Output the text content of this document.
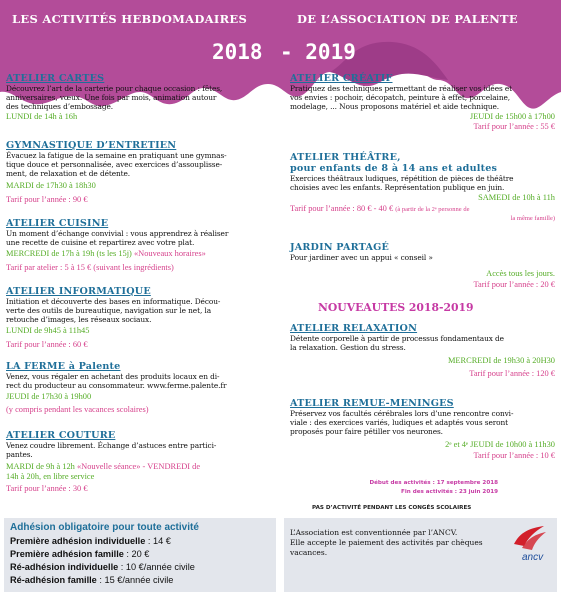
LES ACTIVITÉS HEBDOMADAIRES	DE L’ASSOCIATION DE PALENTE
2018 - 2019
ATELIER CARTES
Découvrez l’art de la carterie pour chaque occasion : fêtes,
anniversaires, vœux. Une fois par mois, animation autour
des techniques d’embossage.
LUNDI de 14h à 16h
GYMNASTIQUE D’ENTRETIEN
Évacuez la fatigue de la semaine en pratiquant une gymnas-
tique douce et personnalisée, avec exercices d’assouplisse-
ment, de relaxation et de détente.
MARDI de 17h30 à 18h30
Tarif pour l’année : 90 €
ATELIER CUISINE
Un moment d’échange convivial : vous apprendrez à réaliser
une recette de cuisine et repartirez avec votre plat.
MERCREDI de 17h à 19h (ts les 15j) «Nouveaux horaires»
Tarif par atelier : 5 à 15 € (suivant les ingrédients)
ATELIER INFORMATIQUE
Initiation et découverte des bases en informatique. Décou-
verte des outils de bureautique, navigation sur le net, la
retouche d’images, les réseaux sociaux.
LUNDI de 9h45 à 11h45
Tarif pour l’année : 60 €
LA FERME à Palente
Venez, vous régaler en achetant des produits locaux en di-
rect du producteur au consommateur. www.ferme.palente.fr
JEUDI de 17h30 à 19h00
(y compris pendant les vacances scolaires)
ATELIER COUTURE
Venez coudre librement. Échange d’astuces entre partici-
pantes.
MARDI de 9h à 12h «Nouvelle séance» - VENDREDI de
14h à 20h, en libre service
Tarif pour l’année : 30 €
ATELIER CRÉATIF
Pratiquez des techniques permettant de réaliser vos idées et
vos envies : pochoir, décopatch, peinture à effet, porcelaine,
modelage, ... Nous proposons matériel et aide technique.
JEUDI de 15h00 à 17h00
Tarif pour l’année : 55 €
ATELIER THÉÂTRE,
pour enfants de 8 à 14 ans et adultes
Exercices théâtraux ludiques, répétition de pièces de théâtre
choisies avec les enfants. Représentation publique en juin.
SAMEDI de 10h à 11h
Tarif pour l’année : 80 € - 40 € (à partir de la 2ᵉ personne de
la même famille)
JARDIN PARTAGÉ
Pour jardiner avec un appui « conseil »
Accès tous les jours.
Tarif pour l’année : 20 €
ATELIER RELAXATION
Détente corporelle à partir de processus fondamentaux de
la relaxation. Gestion du stress.
MERCREDI de 19h30 à 20H30
Tarif pour l’année : 120 €
ATELIER REMUE-MENINGES
Préservez vos facultés cérébrales lors d’une rencontre convi-
viale : des exercices variés, ludiques et adaptés vous seront
proposés pour faire pétiller vos neurones.
2ᵉ et 4ᵉ JEUDI de 10h00 à 11h30
Tarif pour l’année : 10 €
NOUVEAUTES 2018-2019
Début des activités : 17 septembre 2018
Fin des activités : 23 juin 2019
PAS D’ACTIVITÉ PENDANT LES CONGÉS SCOLAIRES
Adhésion obligatoire pour toute activité
Première adhésion individuelle : 14 €
Première adhésion famille : 20 €
Ré-adhésion individuelle : 10 €/année civile
Ré-adhésion famille : 15 €/année civile
L’Association est conventionnée par l’ANCV.
Elle accepte le paiement des activités par chèques
vacances.	ancv
